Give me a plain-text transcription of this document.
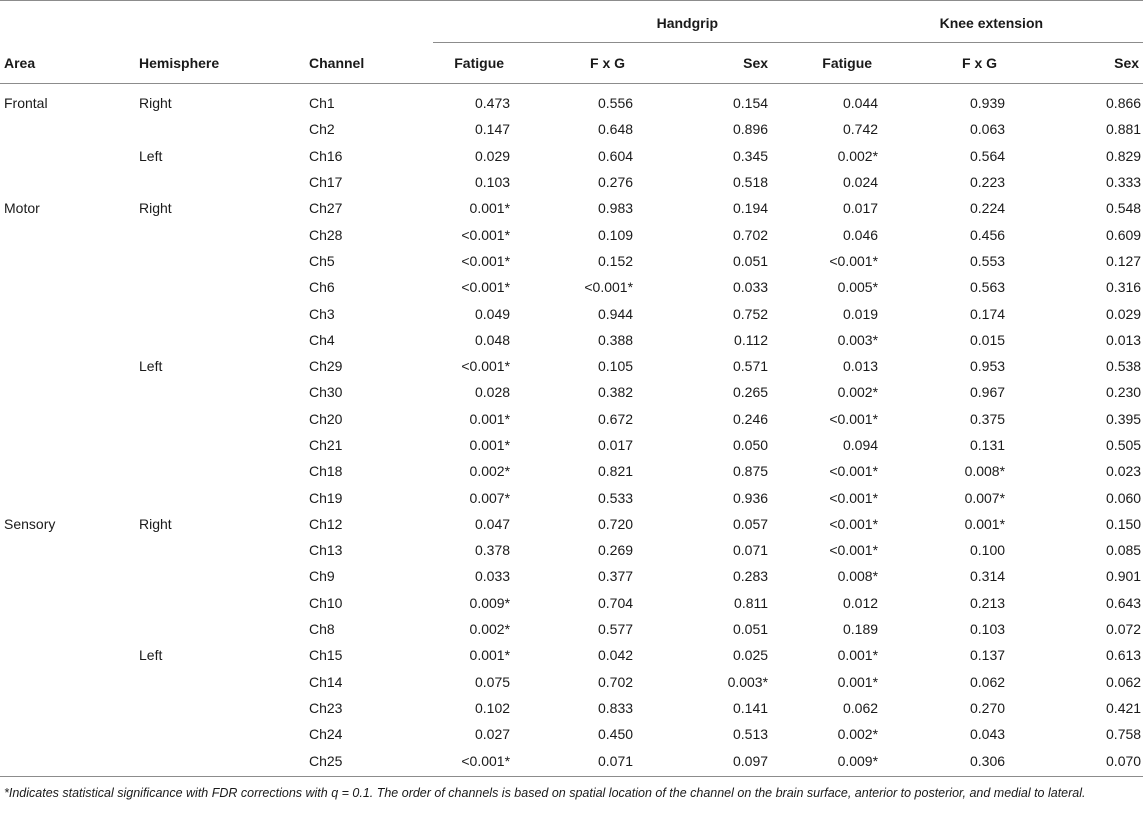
			Handgrip			Knee extension		
Area	Hemisphere	Channel	Fatigue	F x G	Sex	Fatigue	F x G	Sex
Frontal	Right	Ch1	0.473	0.556	0.154	0.044	0.939	0.866
		Ch2	0.147	0.648	0.896	0.742	0.063	0.881
	Left	Ch16	0.029	0.604	0.345	0.002*	0.564	0.829
		Ch17	0.103	0.276	0.518	0.024	0.223	0.333
Motor	Right	Ch27	0.001*	0.983	0.194	0.017	0.224	0.548
		Ch28	<0.001*	0.109	0.702	0.046	0.456	0.609
		Ch5	<0.001*	0.152	0.051	<0.001*	0.553	0.127
		Ch6	<0.001*	<0.001*	0.033	0.005*	0.563	0.316
		Ch3	0.049	0.944	0.752	0.019	0.174	0.029
		Ch4	0.048	0.388	0.112	0.003*	0.015	0.013
	Left	Ch29	<0.001*	0.105	0.571	0.013	0.953	0.538
		Ch30	0.028	0.382	0.265	0.002*	0.967	0.230
		Ch20	0.001*	0.672	0.246	<0.001*	0.375	0.395
		Ch21	0.001*	0.017	0.050	0.094	0.131	0.505
		Ch18	0.002*	0.821	0.875	<0.001*	0.008*	0.023
		Ch19	0.007*	0.533	0.936	<0.001*	0.007*	0.060
Sensory	Right	Ch12	0.047	0.720	0.057	<0.001*	0.001*	0.150
		Ch13	0.378	0.269	0.071	<0.001*	0.100	0.085
		Ch9	0.033	0.377	0.283	0.008*	0.314	0.901
		Ch10	0.009*	0.704	0.811	0.012	0.213	0.643
		Ch8	0.002*	0.577	0.051	0.189	0.103	0.072
	Left	Ch15	0.001*	0.042	0.025	0.001*	0.137	0.613
		Ch14	0.075	0.702	0.003*	0.001*	0.062	0.062
		Ch23	0.102	0.833	0.141	0.062	0.270	0.421
		Ch24	0.027	0.450	0.513	0.002*	0.043	0.758
		Ch25	<0.001*	0.071	0.097	0.009*	0.306	0.070
*Indicates statistical significance with FDR corrections with q = 0.1. The order of channels is based on spatial location of the channel on the brain surface, anterior to posterior, and medial to lateral.
